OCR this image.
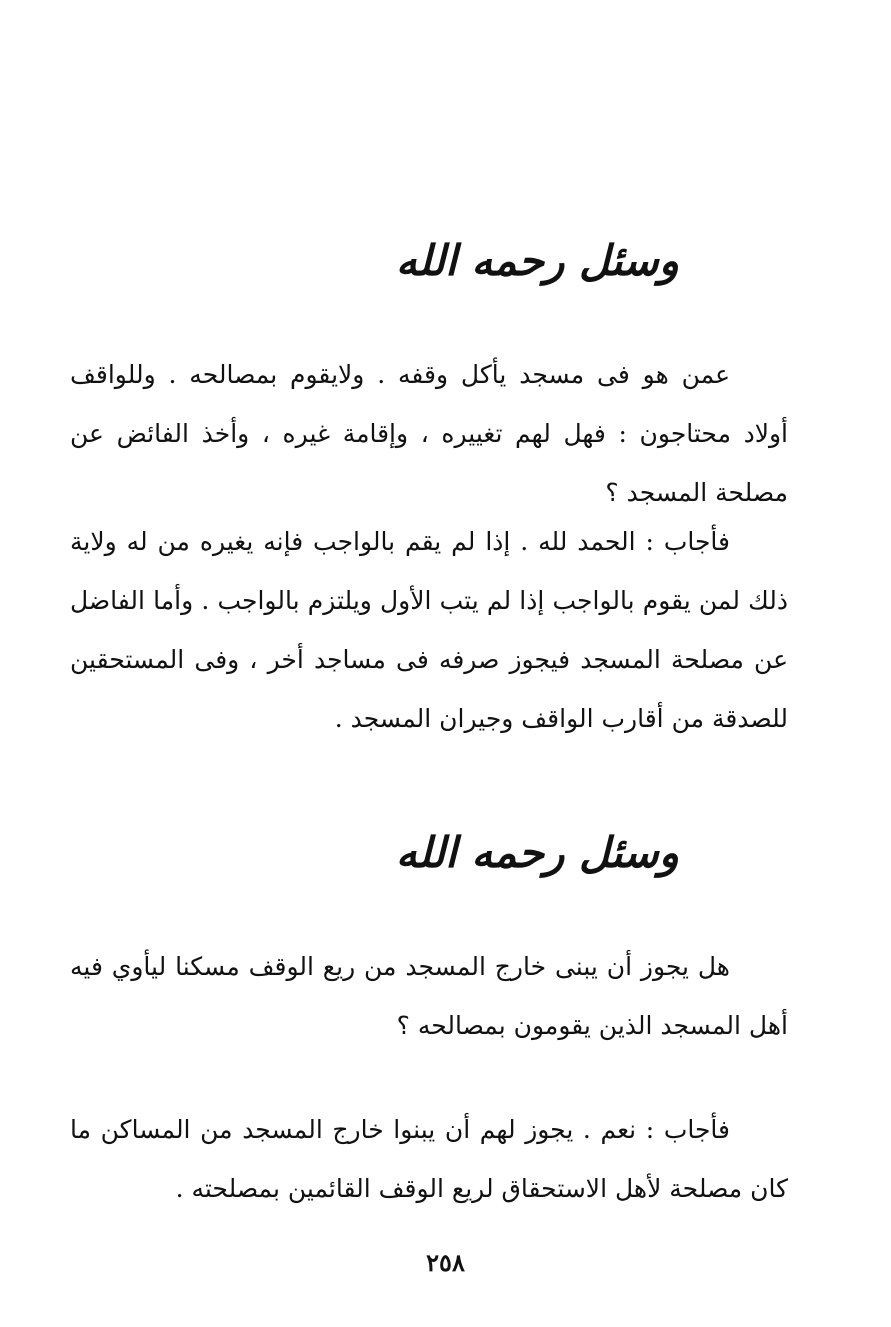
وسئل رحمه الله
عمن هو فى مسجد يأكل وقفه . ولايقوم بمصالحه . وللواقف أولاد محتاجون : فهل لهم تغييره ، وإقامة غيره ، وأخذ الفائض عن مصلحة المسجد ؟
فأجاب : الحمد لله . إذا لم يقم بالواجب فإنه يغيره من له ولاية ذلك لمن يقوم بالواجب إذا لم يتب الأول ويلتزم بالواجب . وأما الفاضل عن مصلحة المسجد فيجوز صرفه فى مساجد أخر ، وفى المستحقين للصدقة من أقارب الواقف وجيران المسجد .
وسئل رحمه الله
هل يجوز أن يبنى خارج المسجد من ريع الوقف مسكنا ليأوي فيه أهل المسجد الذين يقومون بمصالحه ؟
فأجاب : نعم . يجوز لهم أن يبنوا خارج المسجد من المساكن ما كان مصلحة لأهل الاستحقاق لريع الوقف القائمين بمصلحته .
٢٥٨
